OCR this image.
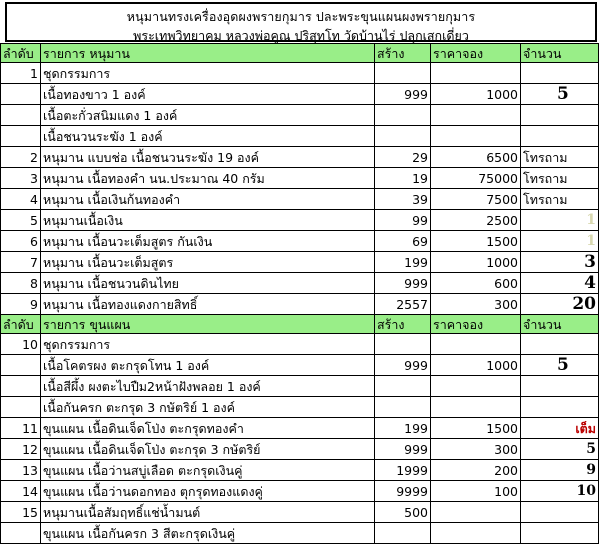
หนุมานทรงเครื่องอุดผงพรายกุมาร ปละพระขุนแผนผงพรายกุมาร
พระเทพวิทยาคม หลวงพ่อคูณ ปริสุทโท วัดบ้านไร่ ปลุกเสกเดี่ยว
ลำดับ	รายการ หนุมาน	สร้าง	ราคาจอง	จำนวน
1	ชุดกรรมการ			
	เนื้อทองขาว 1 องค์	999	1000	5
	เนื้อตะกั่วสนิมแดง 1 องค์			
	เนื้อชนวนระฆัง 1 องค์			
2	หนุมาน แบบช่อ เนื้อชนวนระฆัง 19 องค์	29	6500	โทรถาม
3	หนุมาน เนื้อทองคำ นน.ประมาณ 40 กรัม	19	75000	โทรถาม
4	หนุมาน เนื้อเงินก้นทองคำ	39	7500	โทรถาม
5	หนุมานเนื้อเงิน	99	2500	1
6	หนุมาน เนื้อนวะเต็มสูตร กันเงิน	69	1500	1
7	หนุมาน เนื้อนวะเต็มสูตร	199	1000	3
8	หนุมาน เนื้อชนวนดินไทย	999	600	4
9	หนุมาน เนื้อทองแดงกายสิทธิ์	2557	300	20
ลำดับ	รายการ ขุนแผน	สร้าง	ราคาจอง	จำนวน
10	ชุดกรรมการ			
	เนื้อโคตรผง ตะกรุดโทน 1 องค์	999	1000	5
	เนื้อสีผึ้ง ผงตะไบปืม2หน้าฝังพลอย 1 องค์			
	เนื้อกันครก ตะกรุด 3 กษัตริย์ 1 องค์			
11	ขุนแผน เนื้อดินเจ็ดโป่ง ตะกรุดทองคำ	199	1500	เต็ม
12	ขุนแผน เนื้อดินเจ็ดโป่ง ตะกรุด 3 กษัตริย์	999	300	5
13	ขุนแผน เนื้อว่านสบู่เลือด ตะกรุดเงินคู่	1999	200	9
14	ขุนแผน เนื้อว่านดอกทอง ตุกรุดทองแดงคู่	9999	100	10
15	หนุมานเนื้อสัมฤทธิ์แช่น้ำมนต์	500		
	ขุนแผน เนื้อกันครก 3 สีตะกรุดเงินคู่			
